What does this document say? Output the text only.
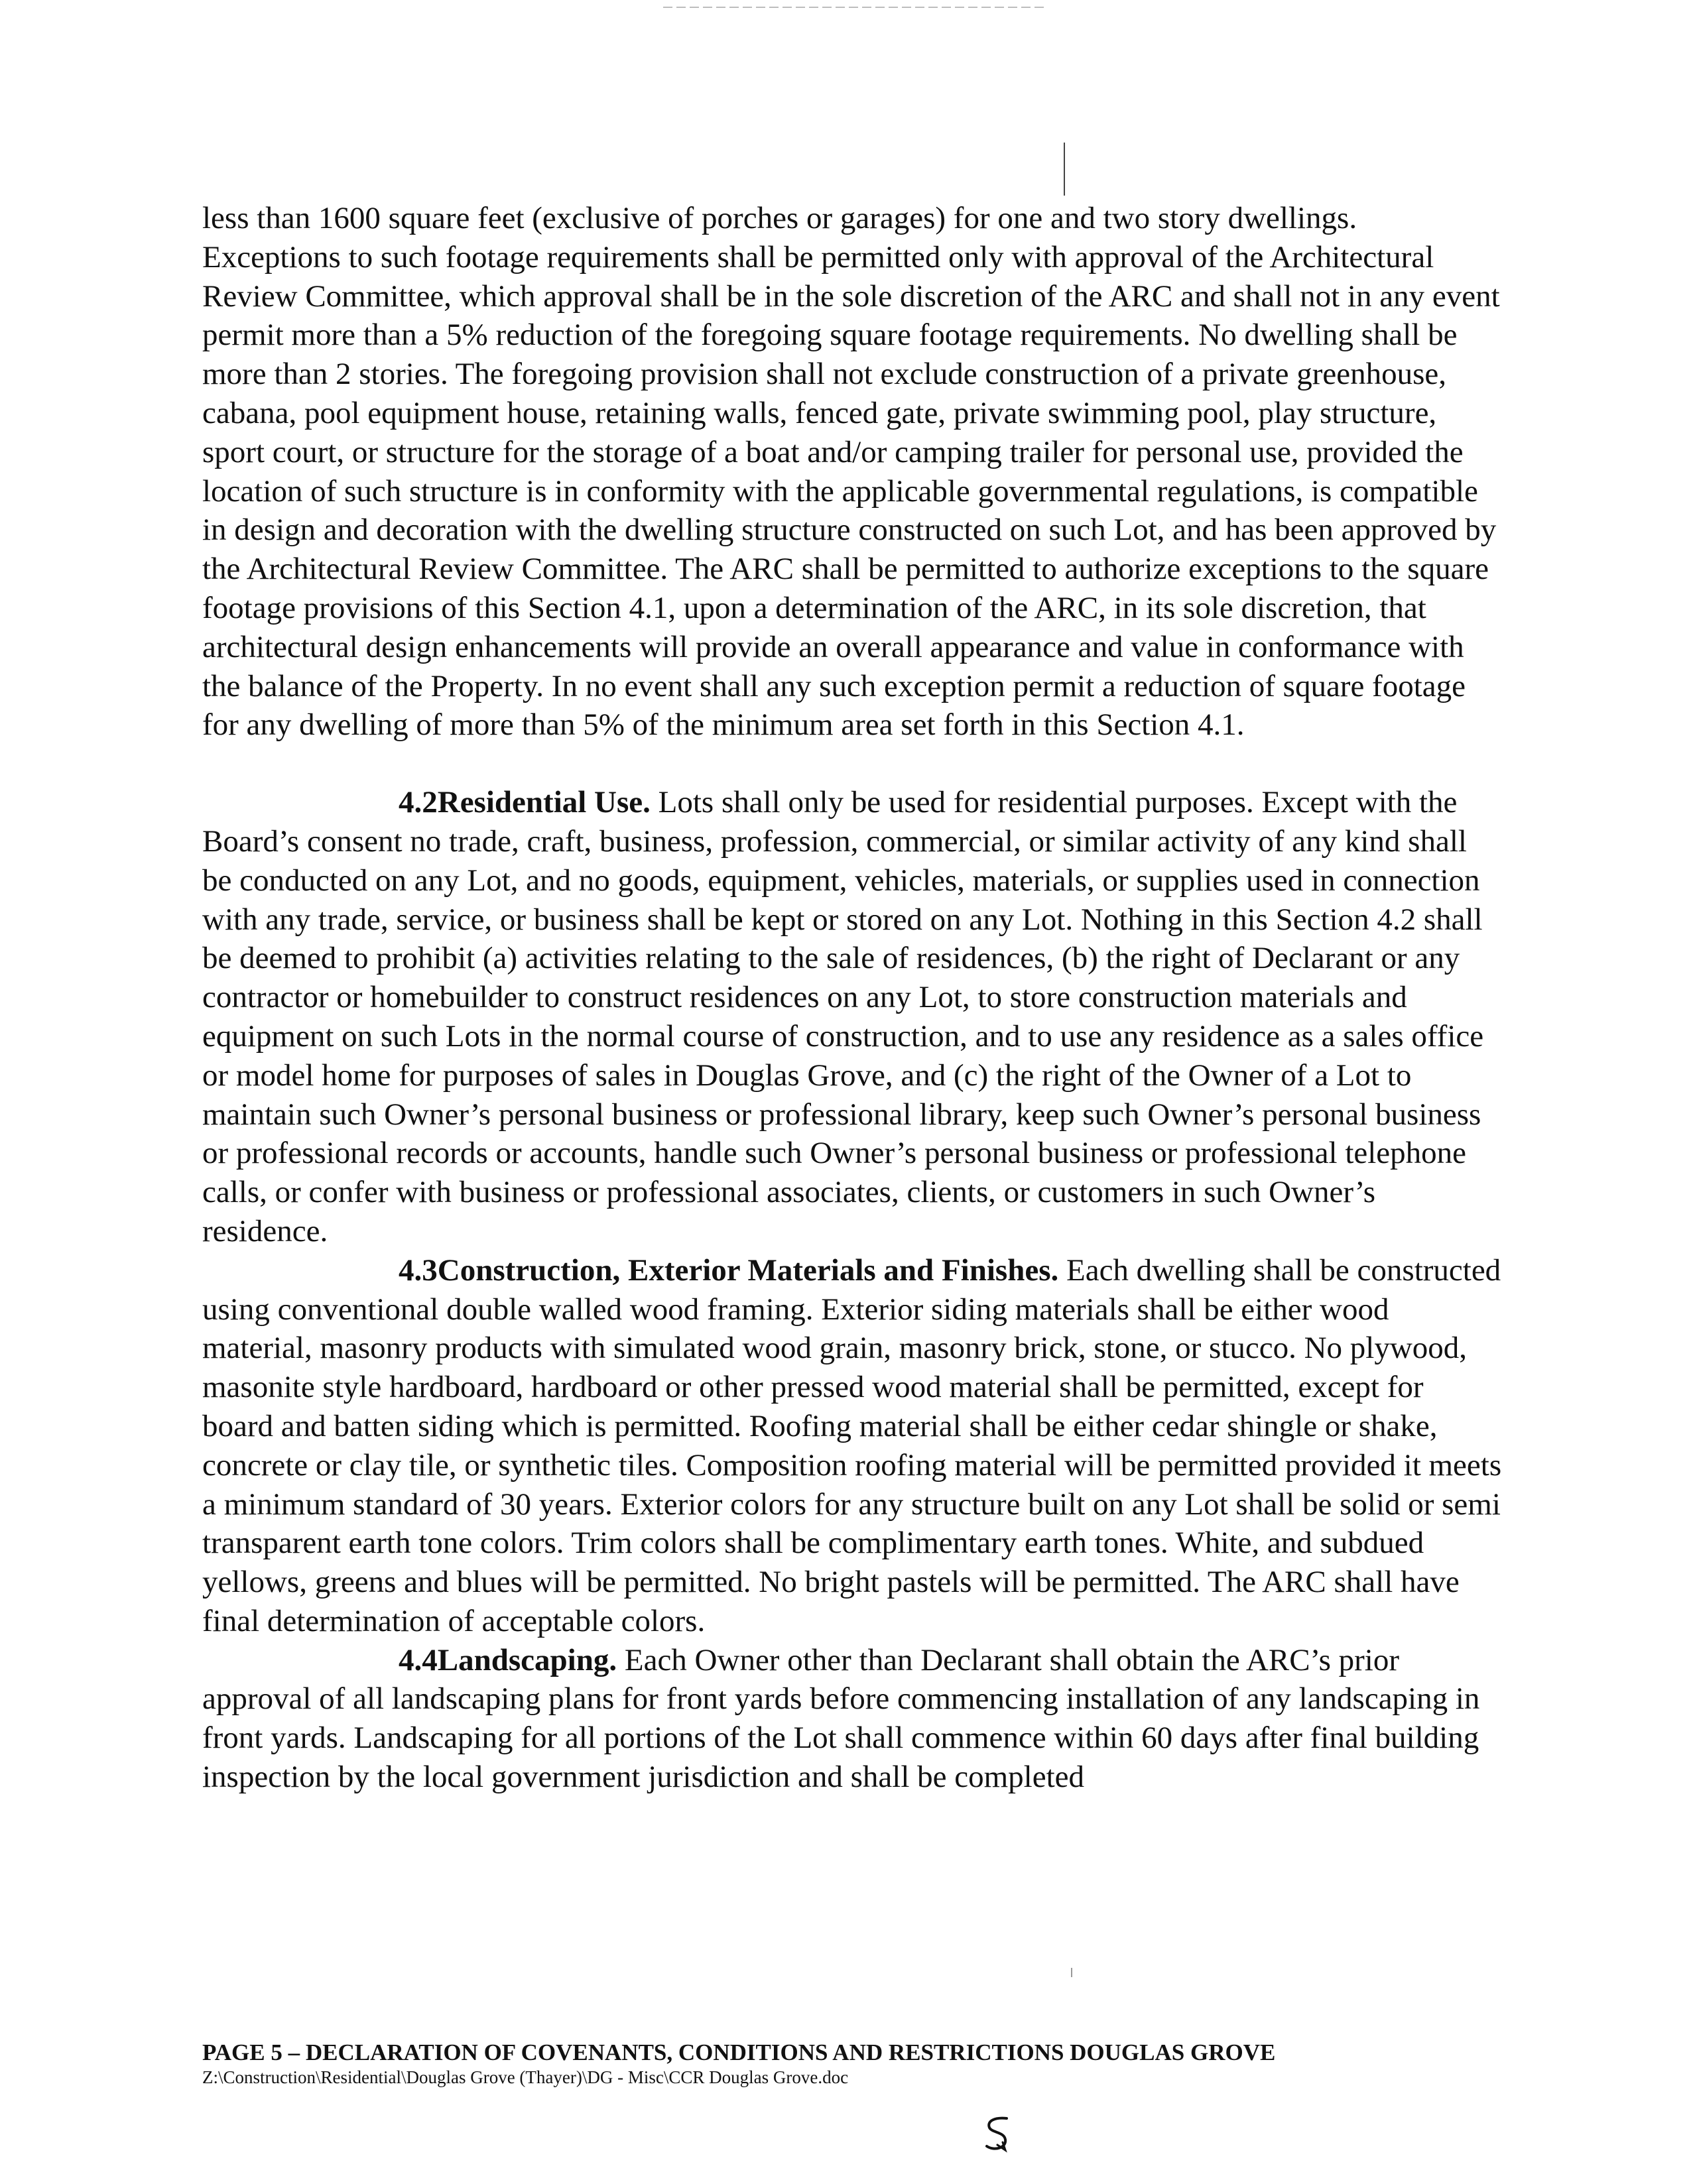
less than 1600 square feet (exclusive of porches or garages) for one and two story dwellings. Exceptions to such footage requirements shall be permitted only with approval of the Architectural Review Committee, which approval shall be in the sole discretion of the ARC and shall not in any event permit more than a 5% reduction of the foregoing square footage requirements. No dwelling shall be more than 2 stories. The foregoing provision shall not exclude construction of a private greenhouse, cabana, pool equipment house, retaining walls, fenced gate, private swimming pool, play structure, sport court, or structure for the storage of a boat and/or camping trailer for personal use, provided the location of such structure is in conformity with the applicable governmental regulations, is compatible in design and decoration with the dwelling structure constructed on such Lot, and has been approved by the Architectural Review Committee. The ARC shall be permitted to authorize exceptions to the square footage provisions of this Section 4.1, upon a determination of the ARC, in its sole discretion, that architectural design enhancements will provide an overall appearance and value in conformance with the balance of the Property. In no event shall any such exception permit a reduction of square footage for any dwelling of more than 5% of the minimum area set forth in this Section 4.1.

4.2Residential Use. Lots shall only be used for residential purposes. Except with the Board’s consent no trade, craft, business, profession, commercial, or similar activity of any kind shall be conducted on any Lot, and no goods, equipment, vehicles, materials, or supplies used in connection with any trade, service, or business shall be kept or stored on any Lot. Nothing in this Section 4.2 shall be deemed to prohibit (a) activities relating to the sale of residences, (b) the right of Declarant or any contractor or homebuilder to construct residences on any Lot, to store construction materials and equipment on such Lots in the normal course of construction, and to use any residence as a sales office or model home for purposes of sales in Douglas Grove, and (c) the right of the Owner of a Lot to maintain such Owner’s personal business or professional library, keep such Owner’s personal business or professional records or accounts, handle such Owner’s personal business or professional telephone calls, or confer with business or professional associates, clients, or customers in such Owner’s residence.

4.3Construction, Exterior Materials and Finishes. Each dwelling shall be constructed using conventional double walled wood framing. Exterior siding materials shall be either wood material, masonry products with simulated wood grain, masonry brick, stone, or stucco. No plywood, masonite style hardboard, hardboard or other pressed wood material shall be permitted, except for board and batten siding which is permitted. Roofing material shall be either cedar shingle or shake, concrete or clay tile, or synthetic tiles. Composition roofing material will be permitted provided it meets a minimum standard of 30 years. Exterior colors for any structure built on any Lot shall be solid or semi transparent earth tone colors. Trim colors shall be complimentary earth tones. White, and subdued yellows, greens and blues will be permitted. No bright pastels will be permitted. The ARC shall have final determination of acceptable colors.

4.4Landscaping. Each Owner other than Declarant shall obtain the ARC’s prior approval of all landscaping plans for front yards before commencing installation of any landscaping in front yards. Landscaping for all portions of the Lot shall commence within 60 days after final building inspection by the local government jurisdiction and shall be completed

PAGE 5 – DECLARATION OF COVENANTS, CONDITIONS AND RESTRICTIONS DOUGLAS GROVE

Z:\Construction\Residential\Douglas Grove (Thayer)\DG - Misc\CCR Douglas Grove.doc
